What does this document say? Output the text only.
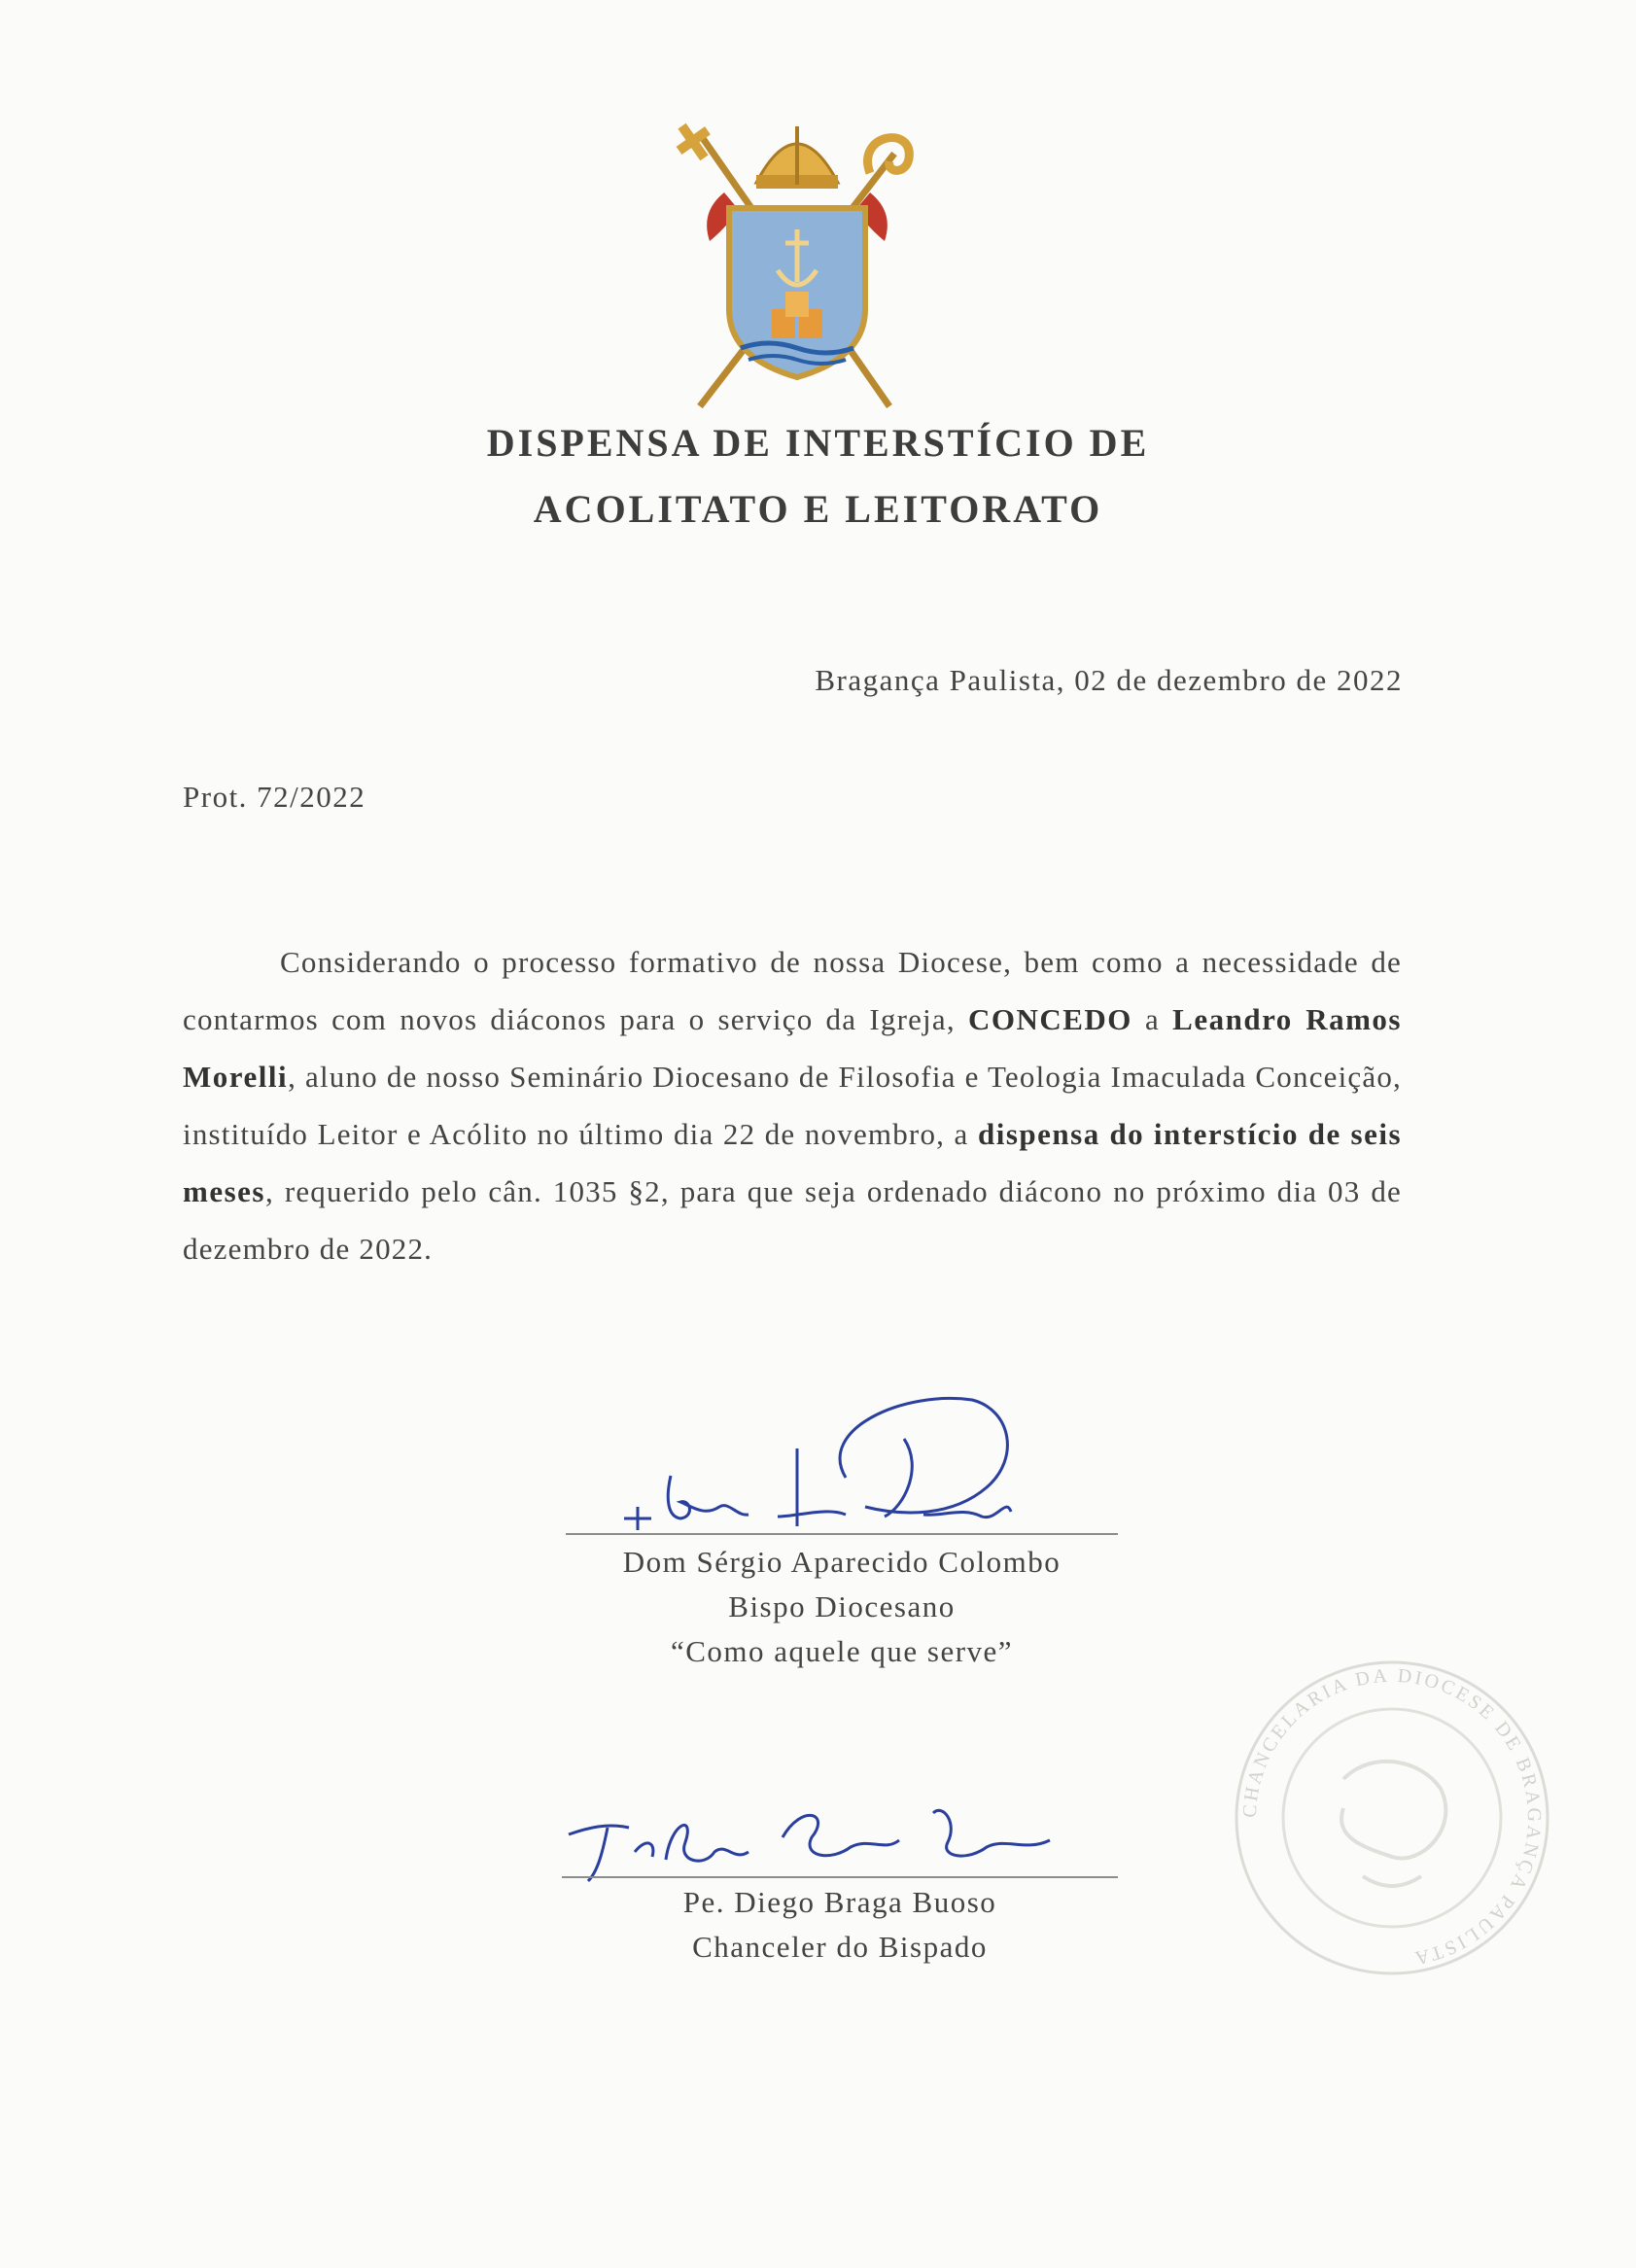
DISPENSA DE INTERSTÍCIO DE
ACOLITATO E LEITORATO
Bragança Paulista, 02 de dezembro de 2022
Prot. 72/2022
Considerando o processo formativo de nossa Diocese, bem como a necessidade de contarmos com novos diáconos para o serviço da Igreja, CONCEDO a Leandro Ramos Morelli, aluno de nosso Seminário Diocesano de Filosofia e Teologia Imaculada Conceição, instituído Leitor e Acólito no último dia 22 de novembro, a dispensa do interstício de seis meses, requerido pelo cân. 1035 §2, para que seja ordenado diácono no próximo dia 03 de dezembro de 2022.
Dom Sérgio Aparecido Colombo
Bispo Diocesano
“Como aquele que serve”
Pe. Diego Braga Buoso
Chanceler do Bispado
CHANCELARIA DA DIOCESE DE BRAGANÇA PAULISTA
